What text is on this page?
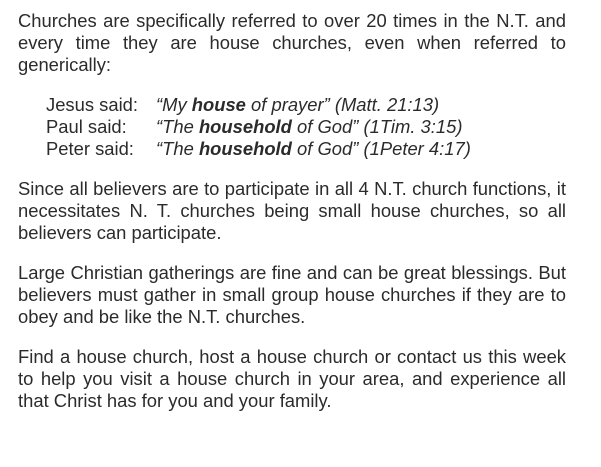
Churches are specifically referred to over 20 times in the N.T. and every time they are house churches, even when referred to generically:

Jesus said: “My house of prayer” (Matt. 21:13)
Paul said:	“The household of God” (1Tim. 3:15)
Peter said:	“The household of God” (1Peter 4:17)

Since all believers are to participate in all 4 N.T. church functions, it necessitates N. T. churches being small house churches, so all believers can participate.

Large Christian gatherings are fine and can be great blessings. But believers must gather in small group house churches if they are to obey and be like the N.T. churches.

Find a house church, host a house church or contact us this week to help you visit a house church in your area, and experience all that Christ has for you and your family.
